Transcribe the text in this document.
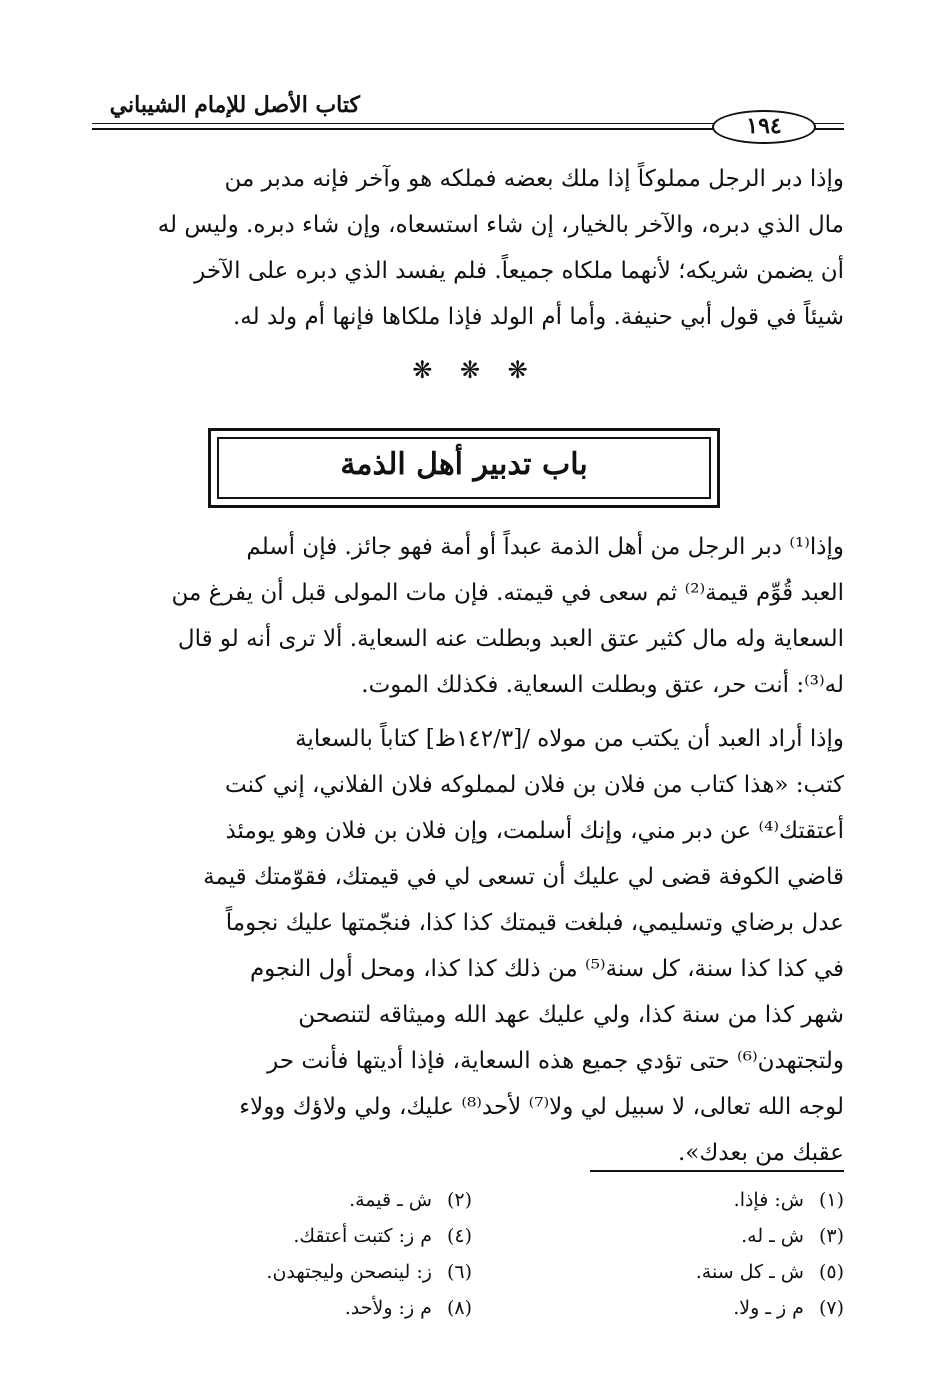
كتاب الأصل للإمام الشيباني
١٩٤
وإذا دبر الرجل مملوكاً إذا ملك بعضه فملكه هو وآخر فإنه مدبر من
مال الذي دبره، والآخر بالخيار، إن شاء استسعاه، وإن شاء دبره. وليس له
أن يضمن شريكه؛ لأنهما ملكاه جميعاً. فلم يفسد الذي دبره على الآخر
شيئاً في قول أبي حنيفة. وأما أم الولد فإذا ملكاها فإنها أم ولد له.
❋ ❋ ❋
باب تدبير أهل الذمة
وإذا⁽¹⁾ دبر الرجل من أهل الذمة عبداً أو أمة فهو جائز. فإن أسلم
العبد قُوِّم قيمة⁽²⁾ ثم سعى في قيمته. فإن مات المولى قبل أن يفرغ من
السعاية وله مال كثير عتق العبد وبطلت عنه السعاية. ألا ترى أنه لو قال
له⁽³⁾: أنت حر، عتق وبطلت السعاية. فكذلك الموت.
وإذا أراد العبد أن يكتب من مولاه /[١٤٢/٣ظ] كتاباً بالسعاية
كتب: «هذا كتاب من فلان بن فلان لمملوكه فلان الفلاني، إني كنت
أعتقتك⁽⁴⁾ عن دبر مني، وإنك أسلمت، وإن فلان بن فلان وهو يومئذ
قاضي الكوفة قضى لي عليك أن تسعى لي في قيمتك، فقوّمتك قيمة
عدل برضاي وتسليمي، فبلغت قيمتك كذا كذا، فنجّمتها عليك نجوماً
في كذا كذا سنة، كل سنة⁽⁵⁾ من ذلك كذا كذا، ومحل أول النجوم
شهر كذا من سنة كذا، ولي عليك عهد الله وميثاقه لتنصحن
ولتجتهدن⁽⁶⁾ حتى تؤدي جميع هذه السعاية، فإذا أديتها فأنت حر
لوجه الله تعالى، لا سبيل لي ولا⁽⁷⁾ لأحد⁽⁸⁾ عليك، ولي ولاؤك وولاء
عقبك من بعدك».
(١) ش: فإذا.
(٣) ش ـ له.
(٥) ش ـ كل سنة.
(٧) م ز ـ ولا.
(٢) ش ـ قيمة.
(٤) م ز: كتبت أعتقك.
(٦) ز: لينصحن وليجتهدن.
(٨) م ز: ولأحد.
